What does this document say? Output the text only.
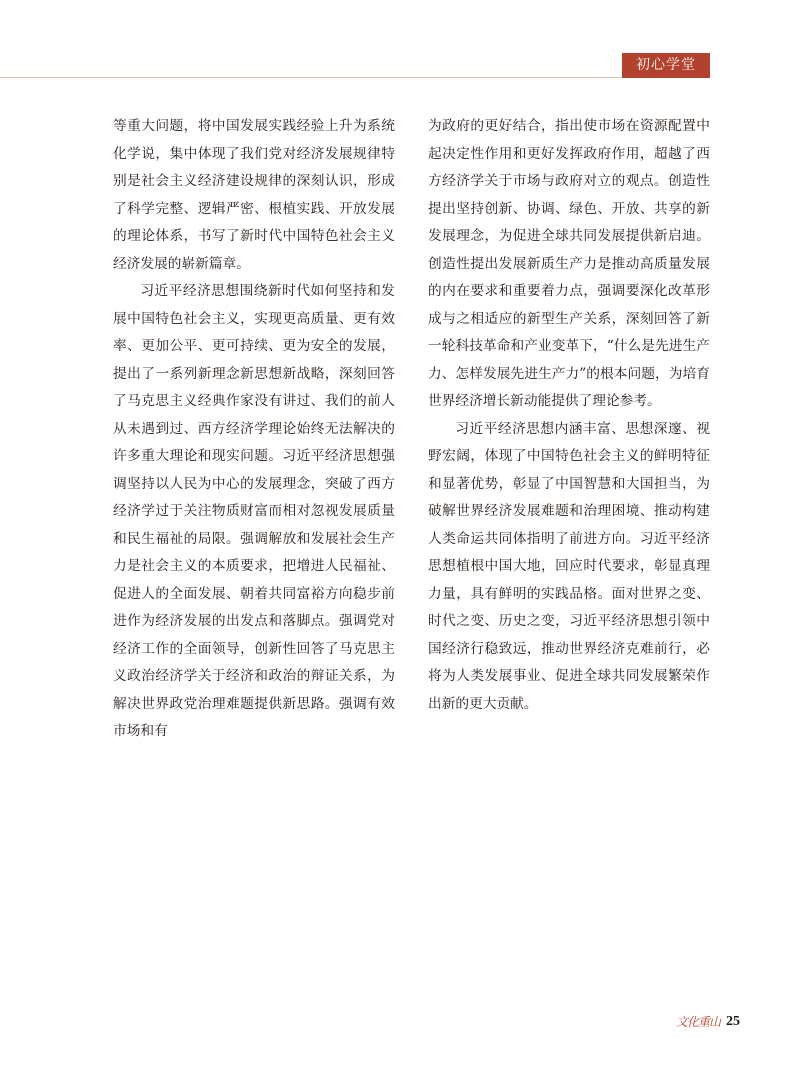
初心学堂

等重大问题，将中国发展实践经验上升为系统化学说，集中体现了我们党对经济发展规律特别是社会主义经济建设规律的深刻认识，形成了科学完整、逻辑严密、根植实践、开放发展的理论体系，书写了新时代中国特色社会主义经济发展的崭新篇章。

习近平经济思想围绕新时代如何坚持和发展中国特色社会主义，实现更高质量、更有效率、更加公平、更可持续、更为安全的发展，提出了一系列新理念新思想新战略，深刻回答了马克思主义经典作家没有讲过、我们的前人从未遇到过、西方经济学理论始终无法解决的许多重大理论和现实问题。习近平经济思想强调坚持以人民为中心的发展理念，突破了西方经济学过于关注物质财富而相对忽视发展质量和民生福祉的局限。强调解放和发展社会生产力是社会主义的本质要求，把增进人民福祉、促进人的全面发展、朝着共同富裕方向稳步前进作为经济发展的出发点和落脚点。强调党对经济工作的全面领导，创新性回答了马克思主义政治经济学关于经济和政治的辩证关系，为解决世界政党治理难题提供新思路。强调有效市场和有

为政府的更好结合，指出使市场在资源配置中起决定性作用和更好发挥政府作用，超越了西方经济学关于市场与政府对立的观点。创造性提出坚持创新、协调、绿色、开放、共享的新发展理念，为促进全球共同发展提供新启迪。创造性提出发展新质生产力是推动高质量发展的内在要求和重要着力点，强调要深化改革形成与之相适应的新型生产关系，深刻回答了新一轮科技革命和产业变革下，“什么是先进生产力、怎样发展先进生产力”的根本问题，为培育世界经济增长新动能提供了理论参考。

习近平经济思想内涵丰富、思想深邃、视野宏阔，体现了中国特色社会主义的鲜明特征和显著优势，彰显了中国智慧和大国担当，为破解世界经济发展难题和治理困境、推动构建人类命运共同体指明了前进方向。习近平经济思想植根中国大地，回应时代要求，彰显真理力量，具有鲜明的实践品格。面对世界之变、时代之变、历史之变，习近平经济思想引领中国经济行稳致远，推动世界经济克难前行，必将为人类发展事业、促进全球共同发展繁荣作出新的更大贡献。

文化重山 25
